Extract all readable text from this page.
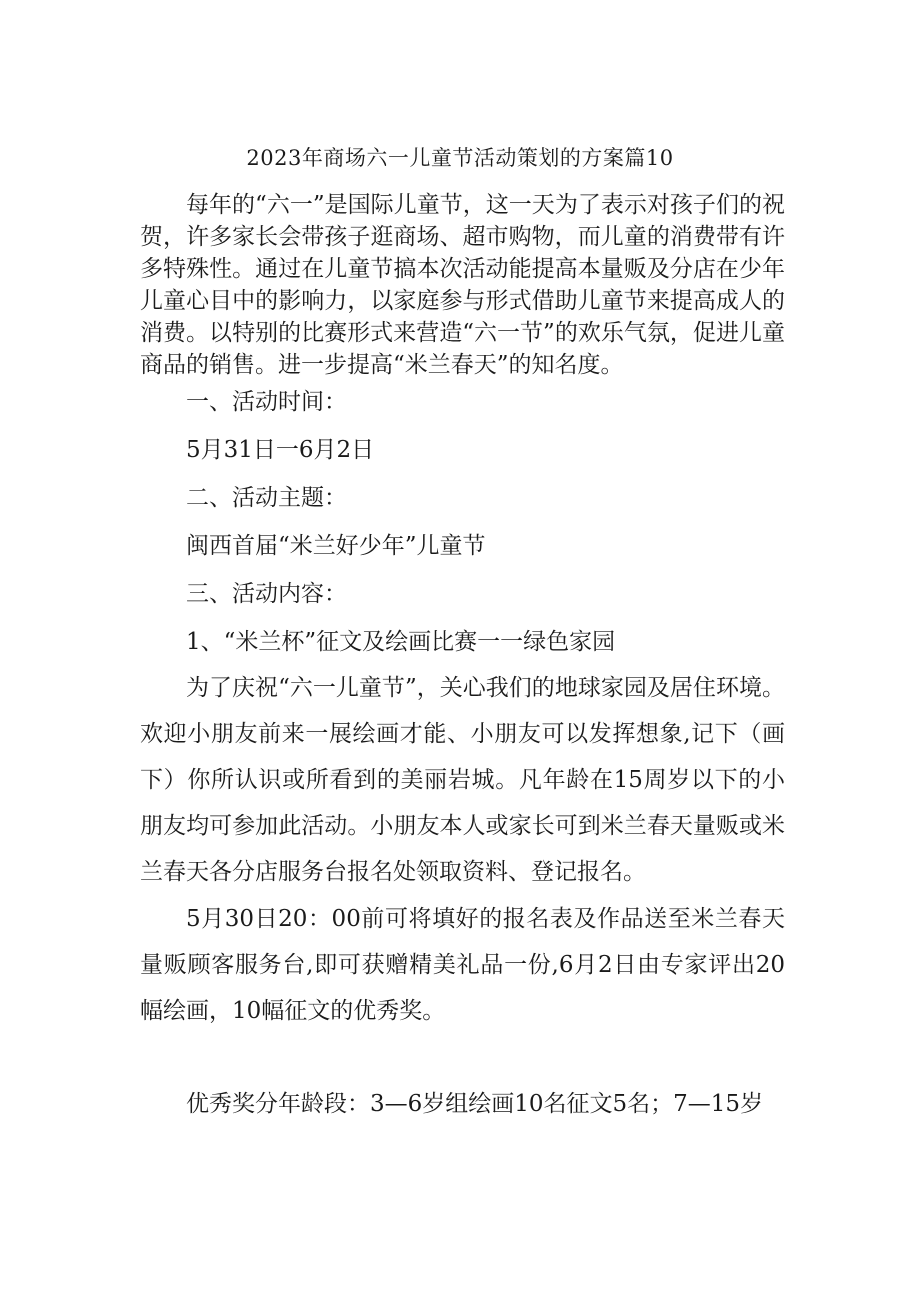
2023年商场六一儿童节活动策划的方案篇10

每年的“六一”是国际儿童节，这一天为了表示对孩子们的祝贺，许多家长会带孩子逛商场、超市购物，而儿童的消费带有许多特殊性。通过在儿童节搞本次活动能提高本量贩及分店在少年儿童心目中的影响力，以家庭参与形式借助儿童节来提高成人的消费。以特别的比赛形式来营造“六一节”的欢乐气氛，促进儿童商品的销售。进一步提高“米兰春天”的知名度。

一、活动时间：
5月31日一6月2日
二、活动主题：
闽西首届“米兰好少年”儿童节
三、活动内容：
1、“米兰杯”征文及绘画比赛一一绿色家园

为了庆祝“六一儿童节”，关心我们的地球家园及居住环境。欢迎小朋友前来一展绘画才能、小朋友可以发挥想象,记下（画下）你所认识或所看到的美丽岩城。凡年龄在15周岁以下的小朋友均可参加此活动。小朋友本人或家长可到米兰春天量贩或米兰春天各分店服务台报名处领取资料、登记报名。

5月30日20：00前可将填好的报名表及作品送至米兰春天量贩顾客服务台,即可获赠精美礼品一份,6月2日由专家评出20幅绘画，10幅征文的优秀奖。

优秀奖分年龄段：3—6岁组绘画10名征文5名；7—15岁
